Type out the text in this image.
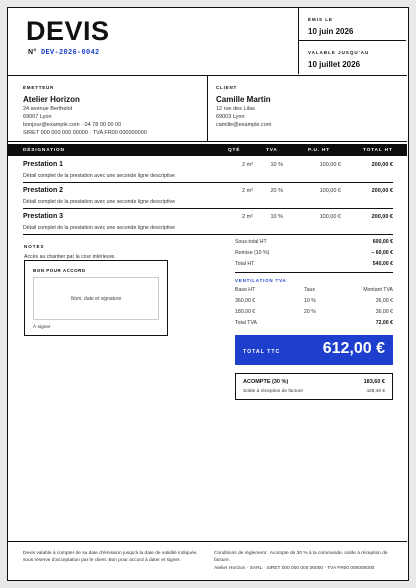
DEVIS
N° DEV-2026-0042
ÉMIS LE
10 juin 2026
VALABLE JUSQU'AU
10 juillet 2026
ÉMETTEUR
Atelier Horizon
24 avenue Berthelot
69007 Lyon
bonjour@example.com · 04 78 00 00 00
SIRET 000 000 000 00000 · TVA FR00 000000000
CLIENT
Camille Martin
12 rue des Lilas
69003 Lyon
camille@example.com
DÉSIGNATION	QTÉ	TVA	P.U. HT	TOTAL HT
Prestation 1
Détail complet de la prestation avec une seconde ligne descriptive
2 m²	10 %	100,00 €	200,00 €
Prestation 2
Détail complet de la prestation avec une seconde ligne descriptive
2 m²	20 %	100,00 €	200,00 €
Prestation 3
Détail complet de la prestation avec une seconde ligne descriptive
2 m²	10 %	100,00 €	200,00 €
NOTES
Accès au chantier par la cour intérieure.
BON POUR ACCORD
Nom, date et signature
À signer
Sous-total HT	600,00 €
Remise (10 %)	− 60,00 €
Total HT	540,00 €
VENTILATION TVA
Base HT	Taux	Montant TVA
360,00 €	10 %	36,00 €
180,00 €	20 %	36,00 €
Total TVA	72,00 €
TOTAL TTC	612,00 €
ACOMPTE (30 %)	183,60 €
Solde à réception de facture	428,40 €
Devis valable à compter de sa date d'émission jusqu'à la date de validité indiquée, sous réserve d'acceptation par le client. Bon pour accord à dater et signer.
Conditions de règlement : Acompte de 30 % à la commande, solde à réception de facture.
Atelier Horizon · SARL · SIRET 000 000 000 00000 · TVA FR00 000000000
